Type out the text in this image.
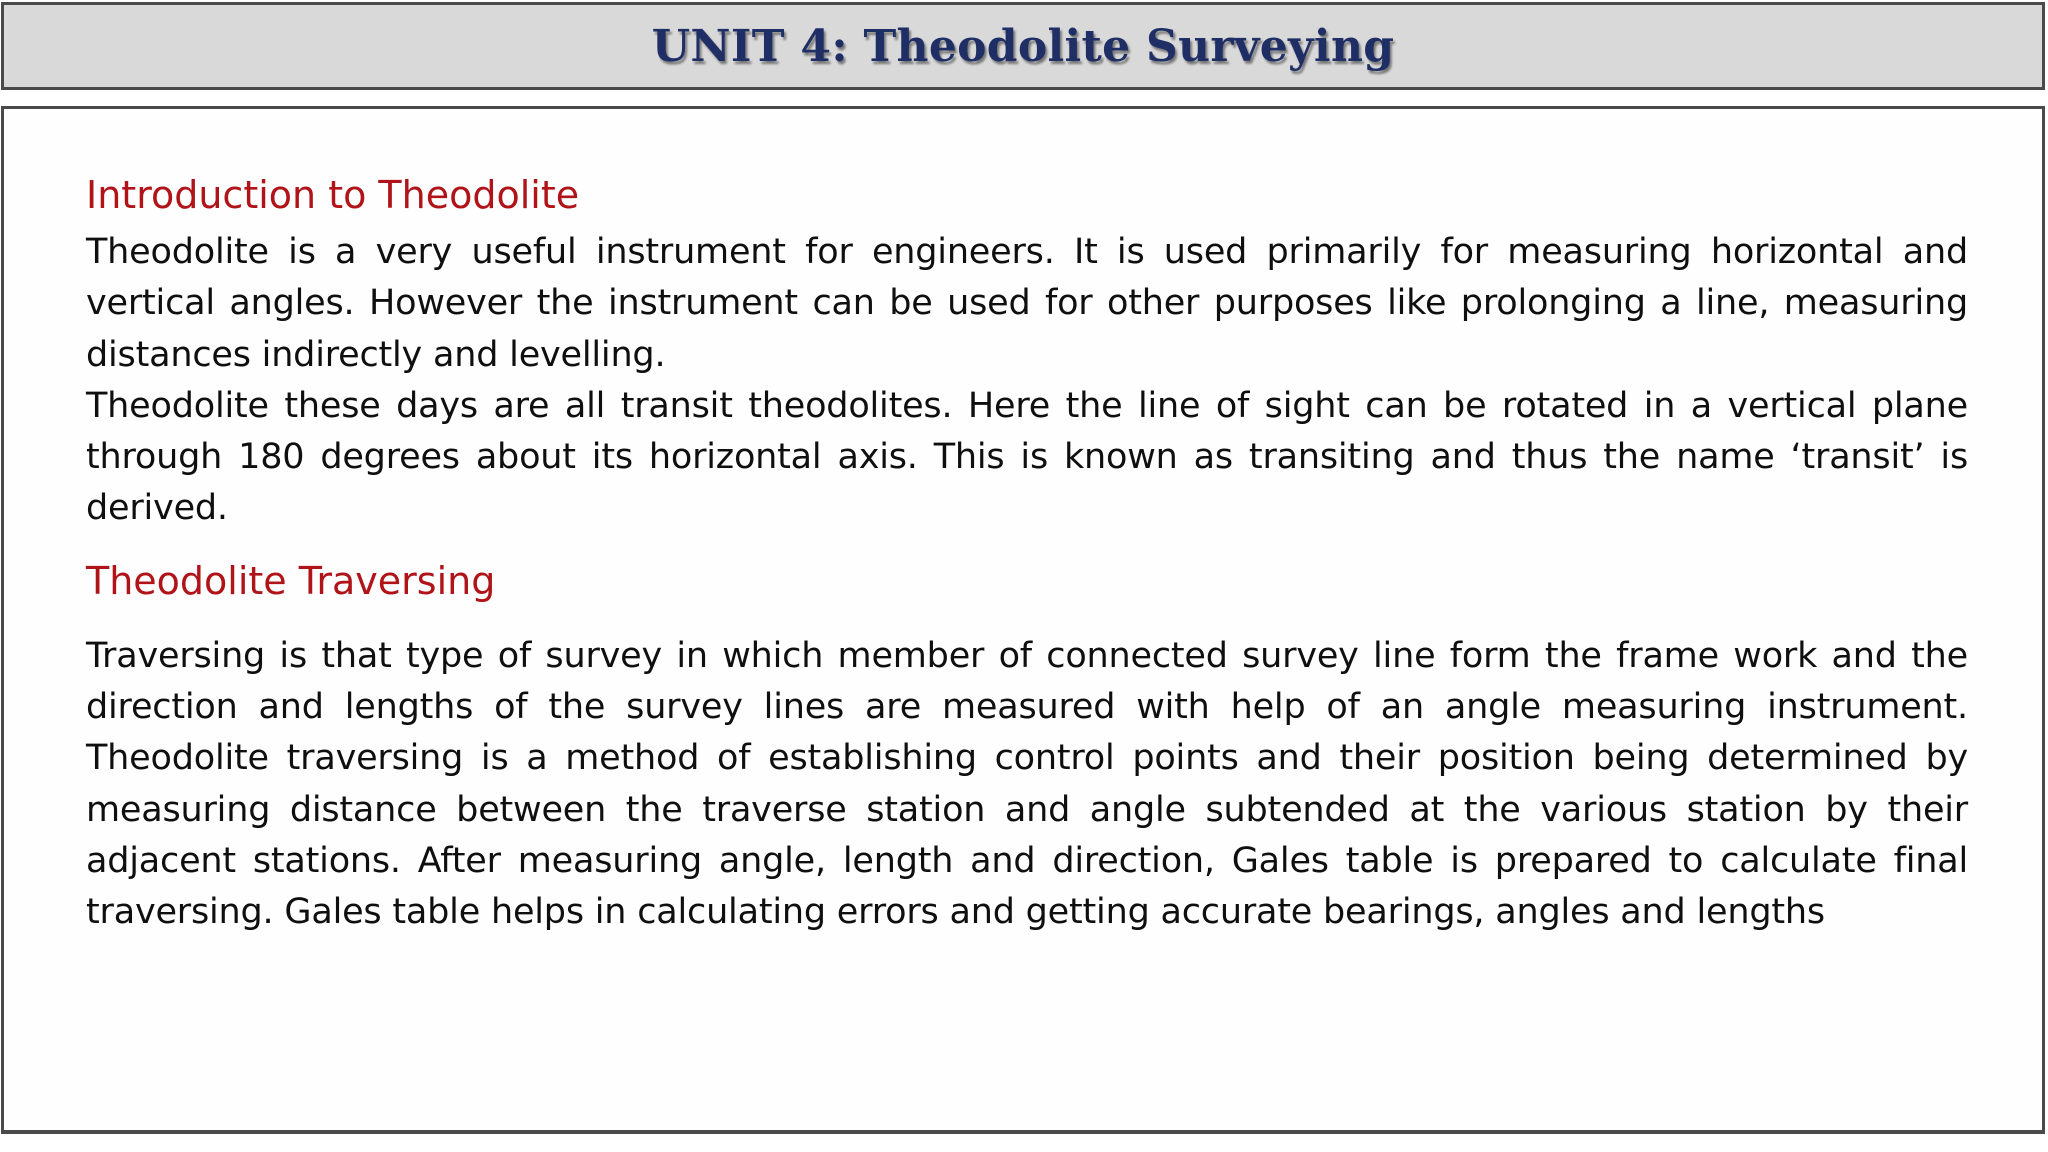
UNIT 4: Theodolite Surveying
Introduction to Theodolite

Theodolite is a very useful instrument for engineers. It is used primarily for measuring horizontal and vertical angles. However the instrument can be used for other purposes like prolonging a line, measuring distances indirectly and levelling.

Theodolite these days are all transit theodolites. Here the line of sight can be rotated in a vertical plane through 180 degrees about its horizontal axis. This is known as transiting and thus the name ‘transit’ is derived.

Theodolite Traversing

Traversing is that type of survey in which member of connected survey line form the frame work and the direction and lengths of the survey lines are measured with help of an angle measuring instrument. Theodolite traversing is a method of establishing control points and their position being determined by measuring distance between the traverse station and angle subtended at the various station by their adjacent stations. After measuring angle, length and direction, Gales table is prepared to calculate final traversing. Gales table helps in calculating errors and getting accurate bearings, angles and lengths
